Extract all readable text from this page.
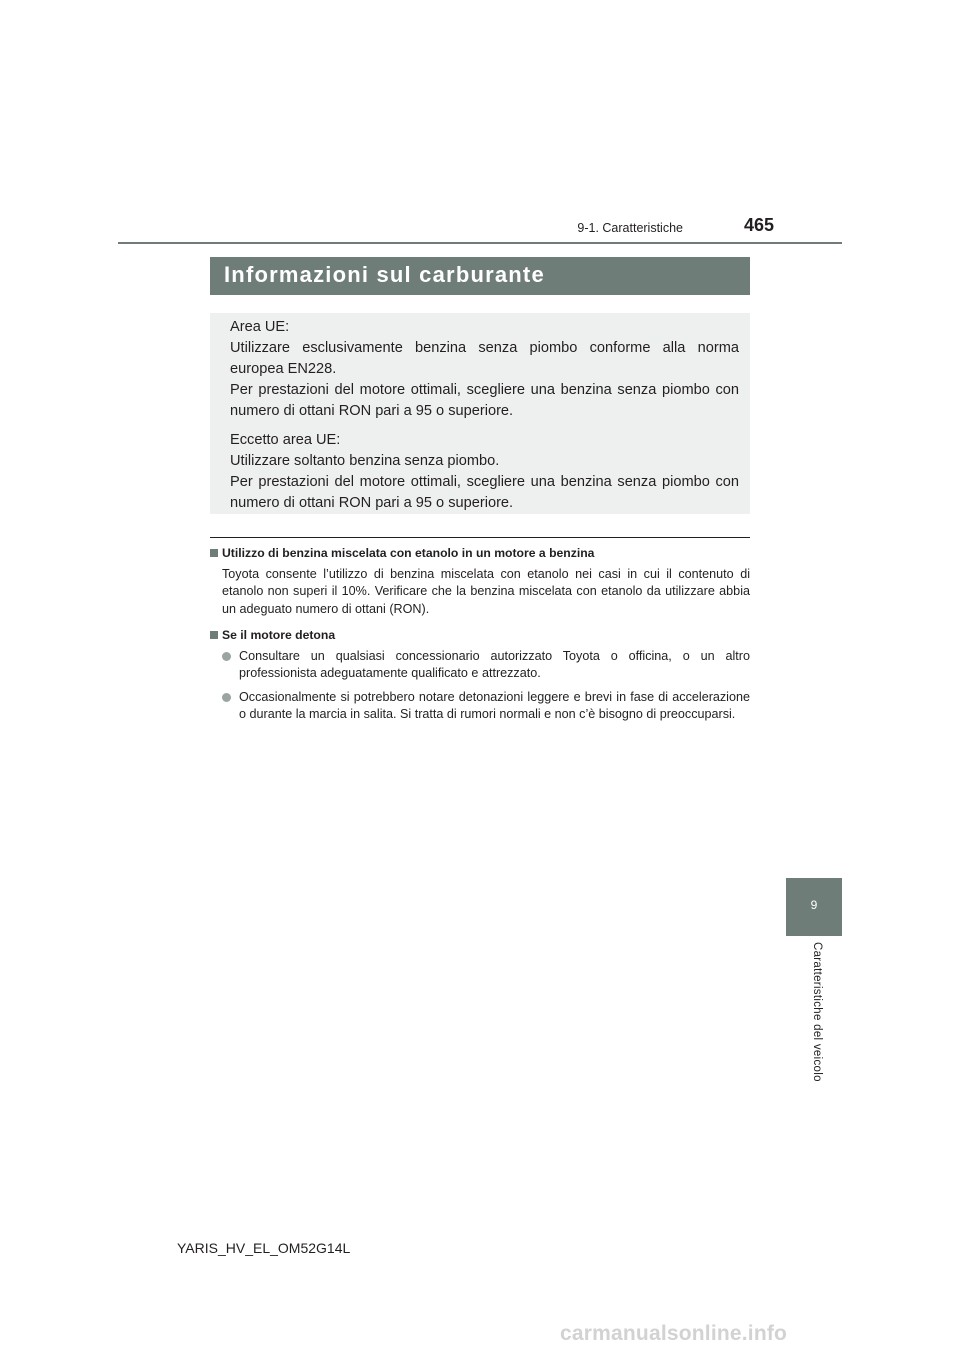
9-1. Caratteristiche	465
Informazioni sul carburante

Area UE:

Utilizzare esclusivamente benzina senza piombo conforme alla norma europea EN228.

Per prestazioni del motore ottimali, scegliere una benzina senza piombo con numero di ottani RON pari a 95 o superiore.

Eccetto area UE:

Utilizzare soltanto benzina senza piombo.

Per prestazioni del motore ottimali, scegliere una benzina senza piombo con numero di ottani RON pari a 95 o superiore.

Utilizzo di benzina miscelata con etanolo in un motore a benzina

Toyota consente l’utilizzo di benzina miscelata con etanolo nei casi in cui il contenuto di etanolo non superi il 10%. Verificare che la benzina miscelata con etanolo da utilizzare abbia un adeguato numero di ottani (RON).

Se il motore detona

Consultare un qualsiasi concessionario autorizzato Toyota o officina, o un altro professionista adeguatamente qualificato e attrezzato.
Occasionalmente si potrebbero notare detonazioni leggere e brevi in fase di accelerazione o durante la marcia in salita. Si tratta di rumori normali e non c’è bisogno di preoccuparsi.
9
Caratteristiche del veicolo
YARIS_HV_EL_OM52G14L
carmanualsonline.info
